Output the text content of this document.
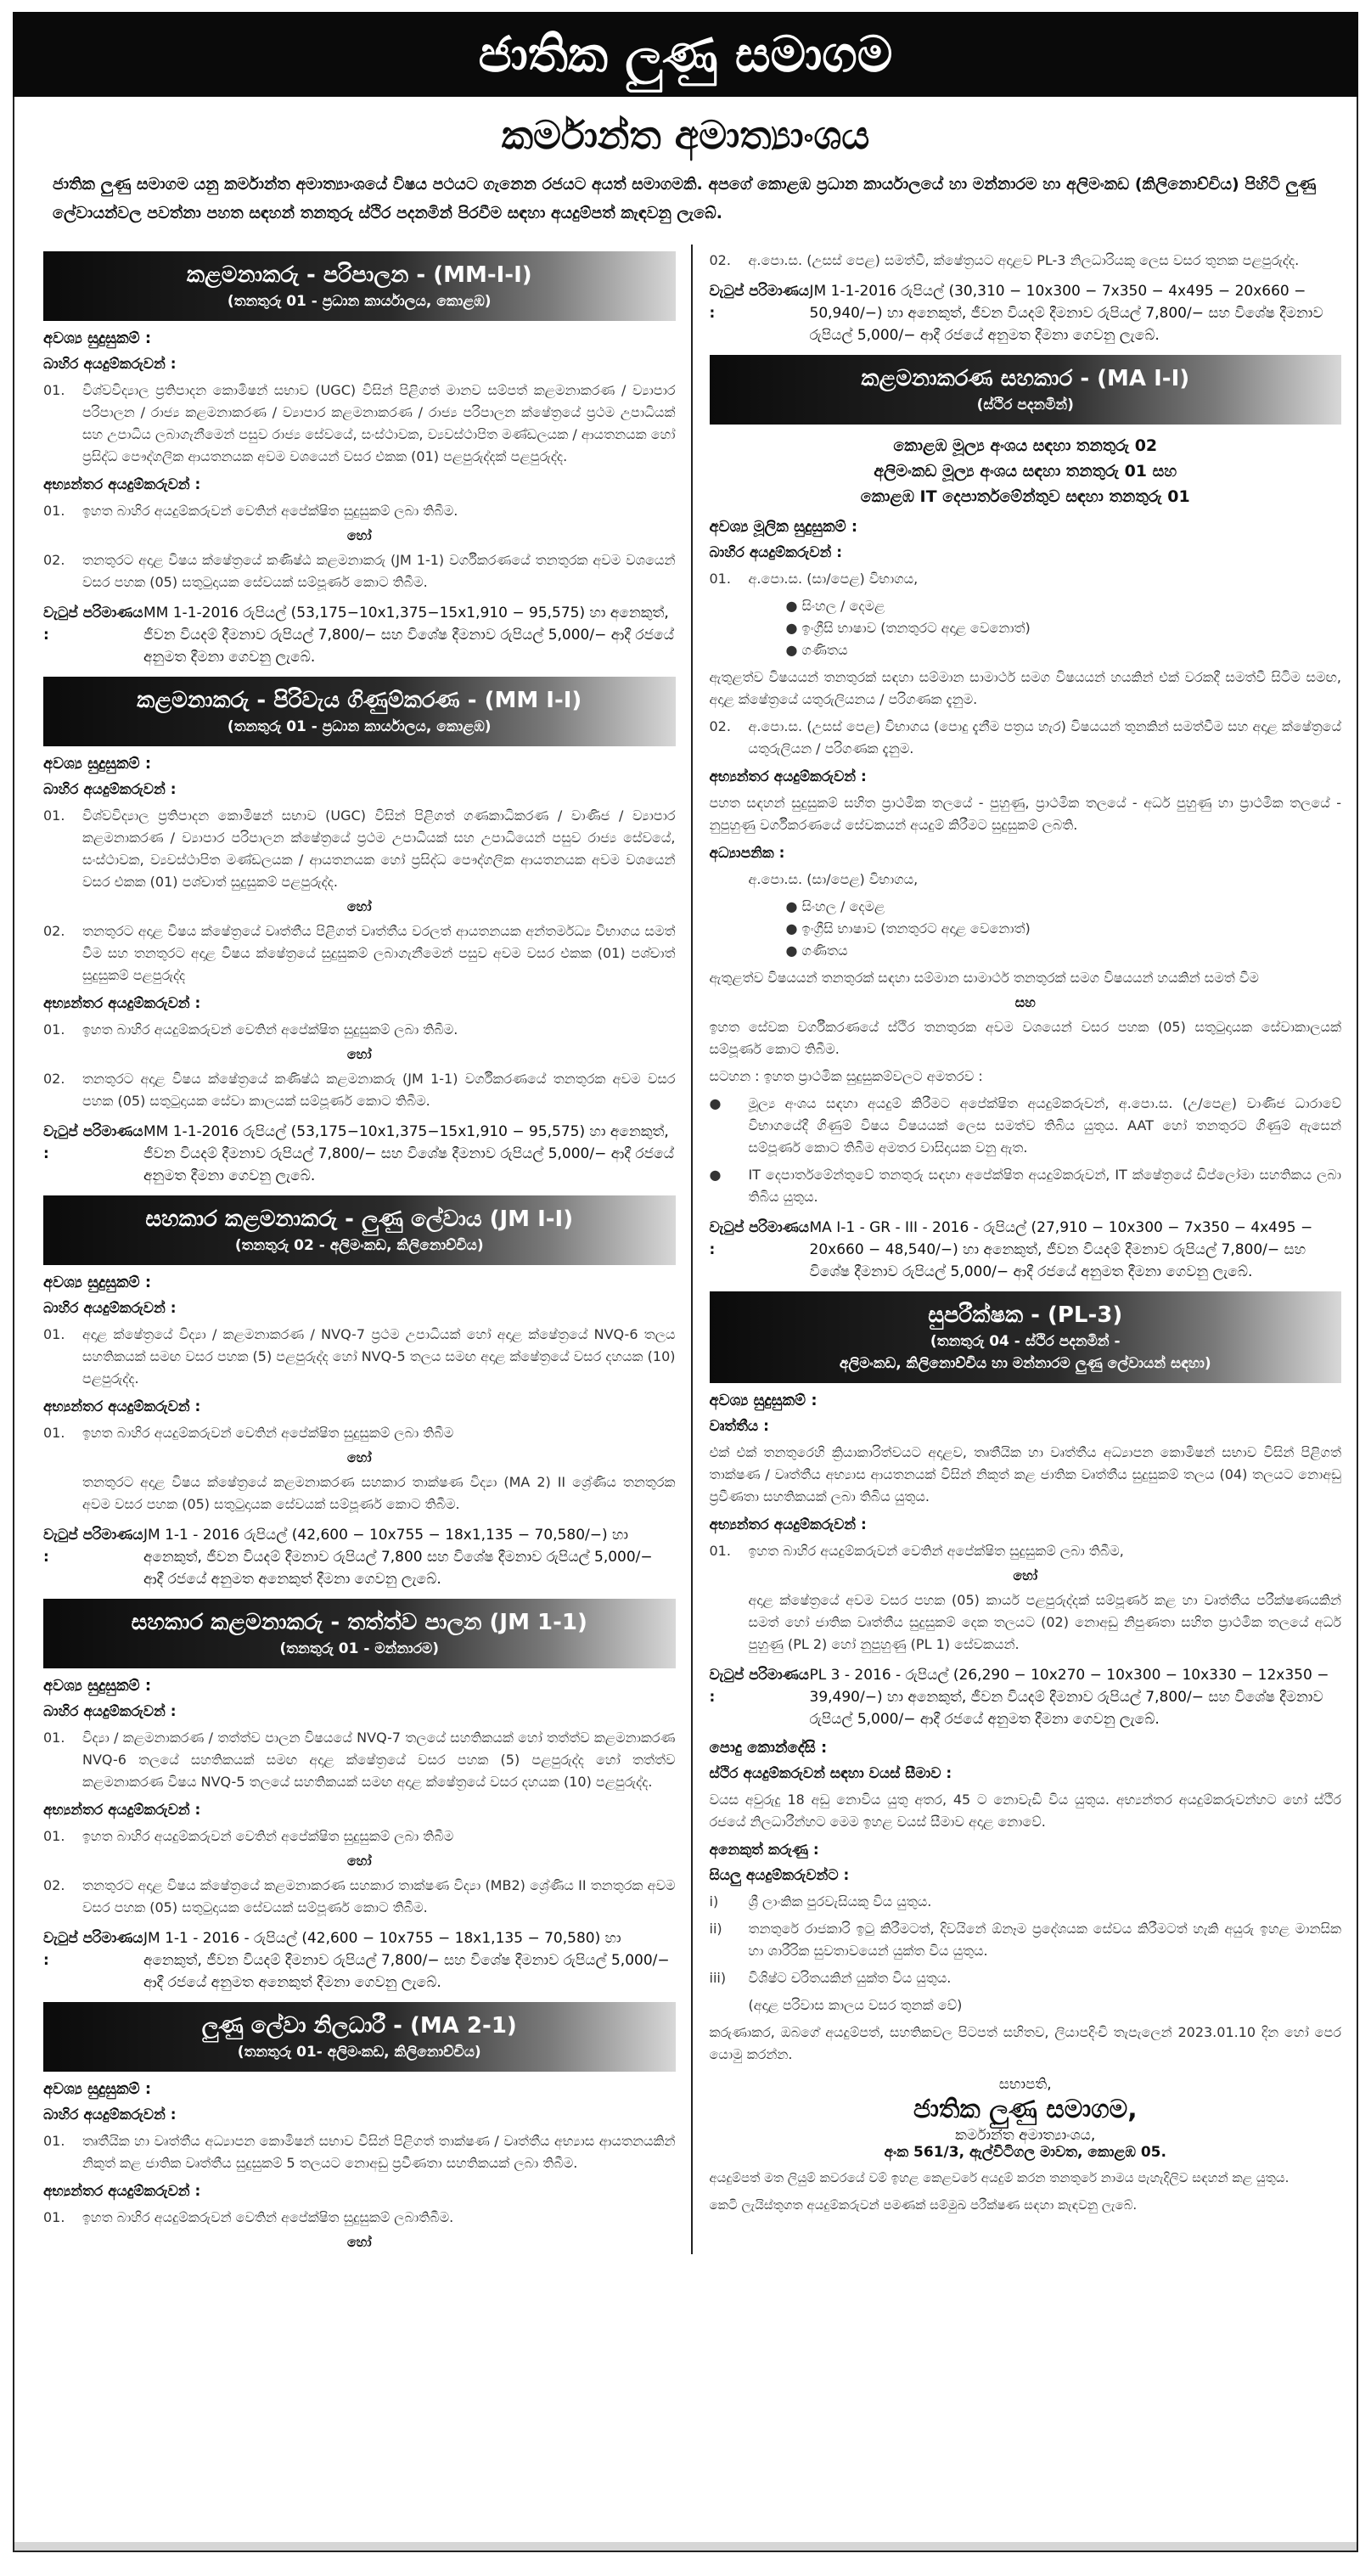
ජාතික ලුණු සමාගම
කර්මාන්ත අමාත්‍යාංශය
ජාතික ලුණු සමාගම යනු කර්මාන්ත අමාත්‍යාංශයේ විෂය පථයට ගැනෙන රජයට අයත් සමාගමකි. අපගේ කොළඹ ප්‍රධාන කාර්යාලයේ හා මන්නාරම හා අලිමංකඩ (කිලිනොච්චිය) පිහිටි ලුණු ලේවායන්වල පවත්නා පහත සඳහන් තනතුරු ස්ථිර පදනමින් පිරවීම සඳහා අයදුම්පත් කැඳවනු ලැබේ.
කළමනාකරු - පරිපාලන - (MM-I-I)
(තනතුරු 01 - ප්‍රධාන කාර්යාලය, කොළඹ)
අවශ්‍ය සුදුසුකම් :
බාහිර අයදුම්කරුවන් :
01.	විශ්වවිද්‍යාල ප්‍රතිපාදන කොමිෂන් සභාව (UGC) විසින් පිළිගත් මානව සම්පත් කළමනාකරණ / ව්‍යාපාර පරිපාලන / රාජ්‍ය කළමනාකරණ / ව්‍යාපාර කළමනාකරණ / රාජ්‍ය පරිපාලන ක්ෂේත්‍රයේ ප්‍රථම උපාධියක් සහ උපාධිය ලබාගැනීමෙන් පසුව රාජ්‍ය සේවයේ, සංස්ථාවක, ව්‍යවස්ථාපිත මණ්ඩලයක / ආයතනයක හෝ ප්‍රසිද්ධ පෞද්ගලික ආයතනයක අවම වශයෙන් වසර එකක (01) පළපුරුද්දක් පළපුරුද්ද.
අභ්‍යන්තර අයදුම්කරුවන් :
01.	ඉහත බාහිර අයදුම්කරුවන් වෙතින් අපේක්ෂිත සුදුසුකම් ලබා තිබීම.
හෝ
02.	තනතුරට අදාළ විෂය ක්ෂේත්‍රයේ කණිෂ්ඨ කළමනාකරු (JM 1-1) වර්ගීකරණයේ තනතුරක අවම වශයෙන් වසර පහක (05) සතුටුදායක සේවයක් සම්පූර්ණ කොට තිබීම.
වැටුප් පරිමාණය :
MM 1-1-2016 රුපියල් (53,175−10x1,375−15x1,910 − 95,575) හා අනෙකුත්, ජීවන වියදම් දීමනාව රුපියල් 7,800/− සහ විශේෂ දීමනාව රුපියල් 5,000/− ආදී රජයේ අනුමත දීමනා ගෙවනු ලැබේ.
කළමනාකරු - පිරිවැය ගිණුම්කරණ - (MM I-I)
(තනතුරු 01 - ප්‍රධාන කාර්යාලය, කොළඹ)
අවශ්‍ය සුදුසුකම් :
බාහිර අයදුම්කරුවන් :
01.	විශ්වවිද්‍යාල ප්‍රතිපාදන කොමිෂන් සභාව (UGC) විසින් පිළිගත් ගණකාධිකරණ / වාණිජ / ව්‍යාපාර කළමනාකරණ / ව්‍යාපාර පරිපාලන ක්ෂේත්‍රයේ ප්‍රථම උපාධියක් සහ උපාධියෙන් පසුව රාජ්‍ය සේවයේ, සංස්ථාවක, ව්‍යවස්ථාපිත මණ්ඩලයක / ආයතනයක හෝ ප්‍රසිද්ධ පෞද්ගලික ආයතනයක අවම වශයෙන් වසර එකක (01) පශ්චාත් සුදුසුකම් පළපුරුද්ද.
හෝ
02.	තනතුරට අදාළ විෂය ක්ෂේත්‍රයේ වෘත්තීය පිළිගත් වෘත්තීය වරලත් ආයතනයක අන්තර්මධ්‍ය විභාගය සමත් වීම සහ තනතුරට අදාළ විෂය ක්ෂේත්‍රයේ සුදුසුකම් ලබාගැනීමෙන් පසුව අවම වසර එකක (01) පශ්චාත් සුදුසුකම් පළපුරුද්ද
අභ්‍යන්තර අයදුම්කරුවන් :
01.	ඉහත බාහිර අයදුම්කරුවන් වෙතින් අපේක්ෂිත සුදුසුකම් ලබා තිබීම.
හෝ
02.	තනතුරට අදාළ විෂය ක්ෂේත්‍රයේ කණිෂ්ඨ කළමනාකරු (JM 1-1) වර්ගීකරණයේ තනතුරක අවම වසර පහක (05) සතුටුදායක සේවා කාලයක් සම්පූර්ණ කොට තිබීම.
වැටුප් පරිමාණය :
MM 1-1-2016 රුපියල් (53,175−10x1,375−15x1,910 − 95,575) හා අනෙකුත්, ජීවන වියදම් දීමනාව රුපියල් 7,800/− සහ විශේෂ දීමනාව රුපියල් 5,000/− ආදී රජයේ අනුමත දීමනා ගෙවනු ලැබේ.
සහකාර කළමනාකරු - ලුණු ලේවාය (JM I-I)
(තනතුරු 02 - අලිමංකඩ, කිලිනොච්චිය)
අවශ්‍ය සුදුසුකම් :
බාහිර අයදුම්කරුවන් :
01.	අදාළ ක්ෂේත්‍රයේ විද්‍යා / කළමනාකරණ / NVQ-7 ප්‍රථම උපාධියක් හෝ අදාළ ක්ෂේත්‍රයේ NVQ-6 තලය සහතිකයක් සමඟ වසර පහක (5) පළපුරුද්ද හෝ NVQ-5 තලය සමඟ අදාළ ක්ෂේත්‍රයේ වසර දහයක (10) පළපුරුද්ද.
අභ්‍යන්තර අයදුම්කරුවන් :
01.	ඉහත බාහිර අයදුම්කරුවන් වෙතින් අපේක්ෂිත සුදුසුකම් ලබා තිබීම
හෝ
තනතුරට අදාළ විෂය ක්ෂේත්‍රයේ කළමනාකරණ සහකාර තාක්ෂණ විද්‍යා (MA 2) II ශ්‍රේණිය තනතුරක අවම වසර පහක (05) සතුටුදායක සේවයක් සම්පූර්ණ කොට තිබීම.
වැටුප් පරිමාණය :
JM 1-1 - 2016 රුපියල් (42,600 − 10x755 − 18x1,135 − 70,580/−) හා අනෙකුත්, ජීවන වියදම් දීමනාව රුපියල් 7,800 සහ විශේෂ දීමනාව රුපියල් 5,000/− ආදී රජයේ අනුමත අනෙකුත් දීමනා ගෙවනු ලැබේ.
සහකාර කළමනාකරු - තත්ත්ව පාලන (JM 1-1)
(තනතුරු 01 - මන්නාරම)
අවශ්‍ය සුදුසුකම් :
බාහිර අයදුම්කරුවන් :
01.	විද්‍යා / කළමනාකරණ / තත්ත්ව පාලන විෂයයේ NVQ-7 තලයේ සහතිකයක් හෝ තත්ත්ව කළමනාකරණ NVQ-6 තලයේ සහතිකයක් සමඟ අදාළ ක්ෂේත්‍රයේ වසර පහක (5) පළපුරුද්ද හෝ තත්ත්ව කළමනාකරණ විෂය NVQ-5 තලයේ සහතිකයක් සමඟ අදාළ ක්ෂේත්‍රයේ වසර දහයක (10) පළපුරුද්ද.
අභ්‍යන්තර අයදුම්කරුවන් :
01.	ඉහත බාහිර අයදුම්කරුවන් වෙතින් අපේක්ෂිත සුදුසුකම් ලබා තිබීම
හෝ
02.	තනතුරට අදාළ විෂය ක්ෂේත්‍රයේ කළමනාකරණ සහකාර තාක්ෂණ විද්‍යා (MB2) ශ්‍රේණිය II තනතුරක අවම වසර පහක (05) සතුටුදායක සේවයක් සම්පූර්ණ කොට තිබීම.
වැටුප් පරිමාණය :
JM 1-1 - 2016 - රුපියල් (42,600 − 10x755 − 18x1,135 − 70,580) හා අනෙකුත්, ජීවන වියදම් දීමනාව රුපියල් 7,800/− සහ විශේෂ දීමනාව රුපියල් 5,000/− ආදී රජයේ අනුමත අනෙකුත් දීමනා ගෙවනු ලැබේ.
ලුණු ලේවා නිලධාරී - (MA 2-1)
(තනතුරු 01- අලිමංකඩ, කිලිනොච්චිය)
අවශ්‍ය සුදුසුකම් :
බාහිර අයදුම්කරුවන් :
01.	තෘතීයික හා වෘත්තීය අධ්‍යාපන කොමිෂන් සභාව විසින් පිළිගත් තාක්ෂණ / වෘත්තීය අභ්‍යාස ආයතනයකින් නිකුත් කළ ජාතික වෘත්තීය සුදුසුකම් 5 තලයට නොඅඩු ප්‍රවීණතා සහතිකයක් ලබා තිබීම.
අභ්‍යන්තර අයදුම්කරුවන් :
01.	ඉහත බාහිර අයදුම්කරුවන් වෙතින් අපේක්ෂිත සුදුසුකම් ලබාතිබීම.
හෝ
02.	අ.පො.ස. (උසස් පෙළ) සමත්වී, ක්ෂේත්‍රයට අදාළව PL-3 නිලධාරියකු ලෙස වසර තුනක පළපුරුද්ද.
වැටුප් පරිමාණය :
JM 1-1-2016 රුපියල් (30,310 − 10x300 − 7x350 − 4x495 − 20x660 − 50,940/−) හා අනෙකුත්, ජීවන වියදම් දීමනාව රුපියල් 7,800/− සහ විශේෂ දීමනාව රුපියල් 5,000/− ආදී රජයේ අනුමත දීමනා ගෙවනු ලැබේ.
කළමනාකරණ සහකාර - (MA I-I)
(ස්ථිර පදනමින්)
කොළඹ මූල්‍ය අංශය සඳහා තනතුරු 02
අලිමංකඩ මූල්‍ය අංශය සඳහා තනතුරු 01 සහ
කොළඹ IT දෙපාර්තමේන්තුව සඳහා තනතුරු 01
අවශ්‍ය මූලික සුදුසුකම් :
බාහිර අයදුම්කරුවන් :
01.	අ.පො.ස. (සා/පෙළ) විභාගය,
● සිංහල / දෙමළ
● ඉංග්‍රීසි භාෂාව (තනතුරට අදාළ වෙනොත්)
● ගණිතය
ඇතුළත්ව විෂයයන් තනතුරක් සඳහා සම්මාන සාමාර්ථ සමග විෂයයන් හයකින් එක් වරකදී සමත්වී සිටිම සමඟ, අදාළ ක්ෂේත්‍රයේ යතුරුලියනය / පරිගණක දැනුම.
02.	අ.පො.ස. (උසස් පෙළ) විභාගය (පොදු දැනීම පත්‍රය හැර) විෂයයන් තුනකින් සමත්වීම සහ අදාළ ක්ෂේත්‍රයේ යතුරුලියන / පරිගණක දැනුම.
අභ්‍යන්තර අයදුම්කරුවන් :
පහත සඳහන් සුදුසුකම් සහිත ප්‍රාථමික තලයේ - පුහුණු, ප්‍රාථමික තලයේ - අර්ධ පුහුණු හා ප්‍රාථමික තලයේ - නුපුහුණු වර්ගීකරණයේ සේවකයන් අයදුම් කිරීමට සුදුසුකම් ලබති.
අධ්‍යාපනික :
අ.පො.ස. (සා/පෙළ) විභාගය,
● සිංහල / දෙමළ
● ඉංග්‍රීසි භාෂාව (තනතුරට අදාළ වෙනොත්)
● ගණිතය
ඇතුළත්ව විෂයයන් තනතුරක් සඳහා සම්මාන සාමාර්ථ තනතුරක් සමග විෂයයන් හයකින් සමත් වීම
සහ
ඉහත සේවක වර්ගීකරණයේ ස්ථිර තනතුරක අවම වශයෙන් වසර පහක (05) සතුටුදායක සේවාකාලයක් සම්පූර්ණ කොට තිබීම.
සටහන : ඉහත ප්‍රාථමික සුදුසුකම්වලට අමතරව :
●	මූල්‍ය අංශය සඳහා අයදුම් කිරීමට අපේක්ෂිත අයදුම්කරුවන්, අ.පො.ස. (උ/පෙළ) වාණිජ ධාරාවේ විභාගයේදී ගිණුම් විෂය විෂයයක් ලෙස සමත්ව තිබිය යුතුය. AAT හෝ තනතුරට ගිණුම් ඇසෙන් සම්පූර්ණ කොට තිබීම අමතර වාසිදායක වනු ඇත.
●	IT දෙපාර්තමේන්තුවේ තනතුරු සඳහා අපේක්ෂිත අයදුම්කරුවන්, IT ක්ෂේත්‍රයේ ඩිප්ලෝමා සහතිකය ලබා තිබිය යුතුය.
වැටුප් පරිමාණය :
MA I-1 - GR - III - 2016 - රුපියල් (27,910 − 10x300 − 7x350 − 4x495 − 20x660 − 48,540/−) හා අනෙකුත්, ජීවන වියදම් දීමනාව රුපියල් 7,800/− සහ විශේෂ දීමනාව රුපියල් 5,000/− ආදී රජයේ අනුමත දීමනා ගෙවනු ලැබේ.
සුපරීක්ෂක - (PL-3)
(තනතුරු 04 - ස්ථිර පදනමින් -
අලිමංකඩ, කිලිනොච්චිය හා මන්නාරම ලුණු ලේවායන් සඳහා)
අවශ්‍ය සුදුසුකම් :
වෘත්තීය :
එක් එක් තනතුරෙහි ක්‍රියාකාරිත්වයට අදාළව, තෘතීයික හා වෘත්තීය අධ්‍යාපන කොමිෂන් සභාව විසින් පිළිගත් තාක්ෂණ / වෘත්තීය අභ්‍යාස ආයතනයක් විසින් නිකුත් කළ ජාතික වෘත්තීය සුදුසුකම් තලය (04) තලයට නොඅඩු ප්‍රවීණතා සහතිකයක් ලබා තිබිය යුතුය.
අභ්‍යන්තර අයදුම්කරුවන් :
01.	ඉහත බාහිර අයදුම්කරුවන් වෙතින් අපේක්ෂිත සුදුසුකම් ලබා තිබීම,
හෝ
අදාළ ක්ෂේත්‍රයේ අවම වසර පහක (05) කාර්ය පළපුරුද්දක් සම්පූර්ණ කළ හා වෘත්තීය පරීක්ෂණයකින් සමත් හෝ ජාතික වෘත්තීය සුදුසුකම් දෙක තලයට (02) නොඅඩු නිපුණතා සහිත ප්‍රාථමික තලයේ අර්ධ පුහුණු (PL 2) හෝ නුපුහුණු (PL 1) සේවකයන්.
වැටුප් පරිමාණය :
PL 3 - 2016 - රුපියල් (26,290 − 10x270 − 10x300 − 10x330 − 12x350 − 39,490/−) හා අනෙකුත්, ජීවන වියදම් දීමනාව රුපියල් 7,800/− සහ විශේෂ දීමනාව රුපියල් 5,000/− ආදී රජයේ අනුමත දීමනා ගෙවනු ලැබේ.
පොදු කොන්දේසි :
ස්ථිර අයදුම්කරුවන් සඳහා වයස් සීමාව :
වයස අවුරුදු 18 අඩු නොවිය යුතු අතර, 45 ට නොවැඩි විය යුතුය. අභ්‍යන්තර අයදුම්කරුවන්හට හෝ ස්ථිර රජයේ නිලධාරීන්හට මෙම ඉහළ වයස් සීමාව අදාළ නොවේ.
අනෙකුත් කරුණු :
සියලු අයදුම්කරුවන්ට :
i)	ශ්‍රී ලාංකික පුරවැසියකු විය යුතුය.
ii)	තනතුරේ රාජකාරි ඉටු කිරීමටත්, දිවයිනේ ඕනෑම ප්‍රදේශයක සේවය කිරීමටත් හැකි අයුරු ඉහළ මානසික හා ශාරීරික සුවතාවයෙන් යුක්ත විය යුතුය.
iii)	විශිෂ්ට චරිතයකින් යුක්ත විය යුතුය.
(අදාළ පරිවාස කාලය වසර තුනක් වේ)
කරුණාකර, ඔබගේ අයදුම්පත්, සහතිකවල පිටපත් සහිතව, ලියාපදිංචි තැපැලෙන් 2023.01.10 දින හෝ පෙර යොමු කරන්න.
සභාපති,
ජාතික ලුණු සමාගම,
කර්මාන්ත අමාත්‍යාංශය,
අංක 561/3, ඇල්විටිගල මාවත, කොළඹ 05.
අයදුම්පත් මත ලියුම් කවරයේ වම් ඉහළ කෙළවරේ අයදුම් කරන තනතුරේ නාමය පැහැදිලිව සඳහන් කළ යුතුය.
කෙටි ලැයිස්තුගත අයදුම්කරුවන් පමණක් සම්මුඛ පරීක්ෂණ සඳහා කැඳවනු ලැබේ.
